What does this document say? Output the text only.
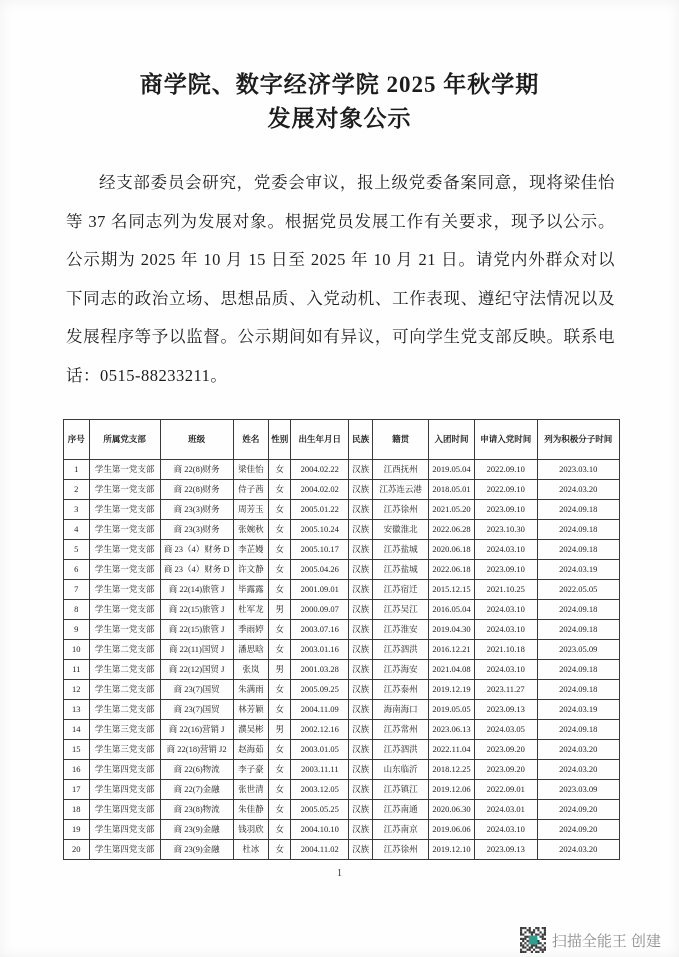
商学院、数字经济学院 2025 年秋学期
发展对象公示

经支部委员会研究，党委会审议，报上级党委备案同意，现将梁佳怡等 37 名同志列为发展对象。根据党员发展工作有关要求，现予以公示。公示期为 2025 年 10 月 15 日至 2025 年 10 月 21 日。请党内外群众对以下同志的政治立场、思想品质、入党动机、工作表现、遵纪守法情况以及发展程序等予以监督。公示期间如有异议，可向学生党支部反映。联系电话：0515-88233211。

序号	所属党支部	班级	姓名	性别	出生年月日	民族	籍贯	入团时间	申请入党时间	列为积极分子时间
1	学生第一党支部	商 22(8)财务	梁佳怡	女	2004.02.22	汉族	江西抚州	2019.05.04	2022.09.10	2023.03.10
2	学生第一党支部	商 22(8)财务	侍子茜	女	2004.02.02	汉族	江苏连云港	2018.05.01	2022.09.10	2024.03.20
3	学生第一党支部	商 23(3)财务	周芳玉	女	2005.01.22	汉族	江苏徐州	2021.05.20	2023.09.10	2024.09.18
4	学生第一党支部	商 23(3)财务	张婉秋	女	2005.10.24	汉族	安徽淮北	2022.06.28	2023.10.30	2024.09.18
5	学生第一党支部	商 23（4）财务 D	李芷嫚	女	2005.10.17	汉族	江苏盐城	2020.06.18	2024.03.10	2024.09.18
6	学生第一党支部	商 23（4）财务 D	许文静	女	2005.04.26	汉族	江苏盐城	2022.06.18	2023.09.10	2024.03.19
7	学生第一党支部	商 22(14)旅管 J	毕露露	女	2001.09.01	汉族	江苏宿迁	2015.12.15	2021.10.25	2022.05.05
8	学生第一党支部	商 22(15)旅管 J	杜军龙	男	2000.09.07	汉族	江苏吴江	2016.05.04	2024.03.10	2024.09.18
9	学生第一党支部	商 22(15)旅管 J	季雨婷	女	2003.07.16	汉族	江苏淮安	2019.04.30	2024.03.10	2024.09.18
10	学生第二党支部	商 22(11)国贸 J	潘思晗	女	2003.01.16	汉族	江苏泗洪	2016.12.21	2021.10.18	2023.05.09
11	学生第二党支部	商 22(12)国贸 J	张岚	男	2001.03.28	汉族	江苏海安	2021.04.08	2024.03.10	2024.09.18
12	学生第二党支部	商 23(7)国贸	朱满雨	女	2005.09.25	汉族	江苏泰州	2019.12.19	2023.11.27	2024.09.18
13	学生第二党支部	商 23(7)国贸	林芳颖	女	2004.11.09	汉族	海南海口	2019.05.05	2023.09.13	2024.03.19
14	学生第三党支部	商 22(16)营销 J	濮吴彬	男	2002.12.16	汉族	江苏常州	2023.06.13	2024.03.05	2024.09.18
15	学生第三党支部	商 22(18)营销 J2	赵海茹	女	2003.01.05	汉族	江苏泗洪	2022.11.04	2023.09.20	2024.03.20
16	学生第四党支部	商 22(6)物流	李子豪	女	2003.11.11	汉族	山东临沂	2018.12.25	2023.09.20	2024.03.20
17	学生第四党支部	商 22(7)金融	张世清	女	2003.12.05	汉族	江苏镇江	2019.12.06	2022.09.01	2023.03.09
18	学生第四党支部	商 23(8)物流	朱佳静	女	2005.05.25	汉族	江苏南通	2020.06.30	2024.03.01	2024.09.20
19	学生第四党支部	商 23(9)金融	钱羽欣	女	2004.10.10	汉族	江苏南京	2019.06.06	2024.03.10	2024.09.20
20	学生第四党支部	商 23(9)金融	杜冰	女	2004.11.02	汉族	江苏徐州	2019.12.10	2023.09.13	2024.03.20
1
扫描全能王 创建
